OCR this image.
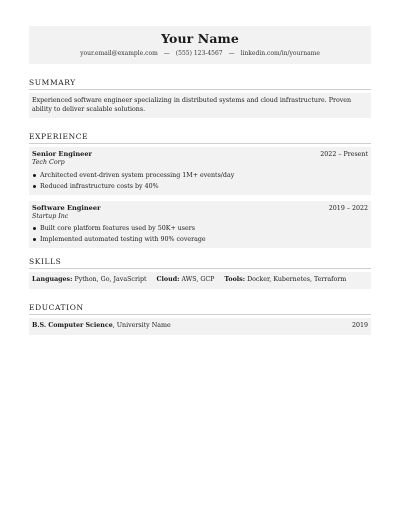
Your Name
your.email@example.com — (555) 123-4567 — linkedin.com/in/yourname
SUMMARY
Experienced software engineer specializing in distributed systems and cloud infrastructure. Proven ability to deliver scalable solutions.
EXPERIENCE
Senior Engineer	2022 – Present
Tech Corp
Architected event-driven system processing 1M+ events/day
Reduced infrastructure costs by 40%
Software Engineer	2019 – 2022
Startup Inc
Built core platform features used by 50K+ users
Implemented automated testing with 90% coverage
SKILLS
Languages: Python, Go, JavaScript Cloud: AWS, GCP Tools: Docker, Kubernetes, Terraform
EDUCATION
B.S. Computer Science, University Name	2019
